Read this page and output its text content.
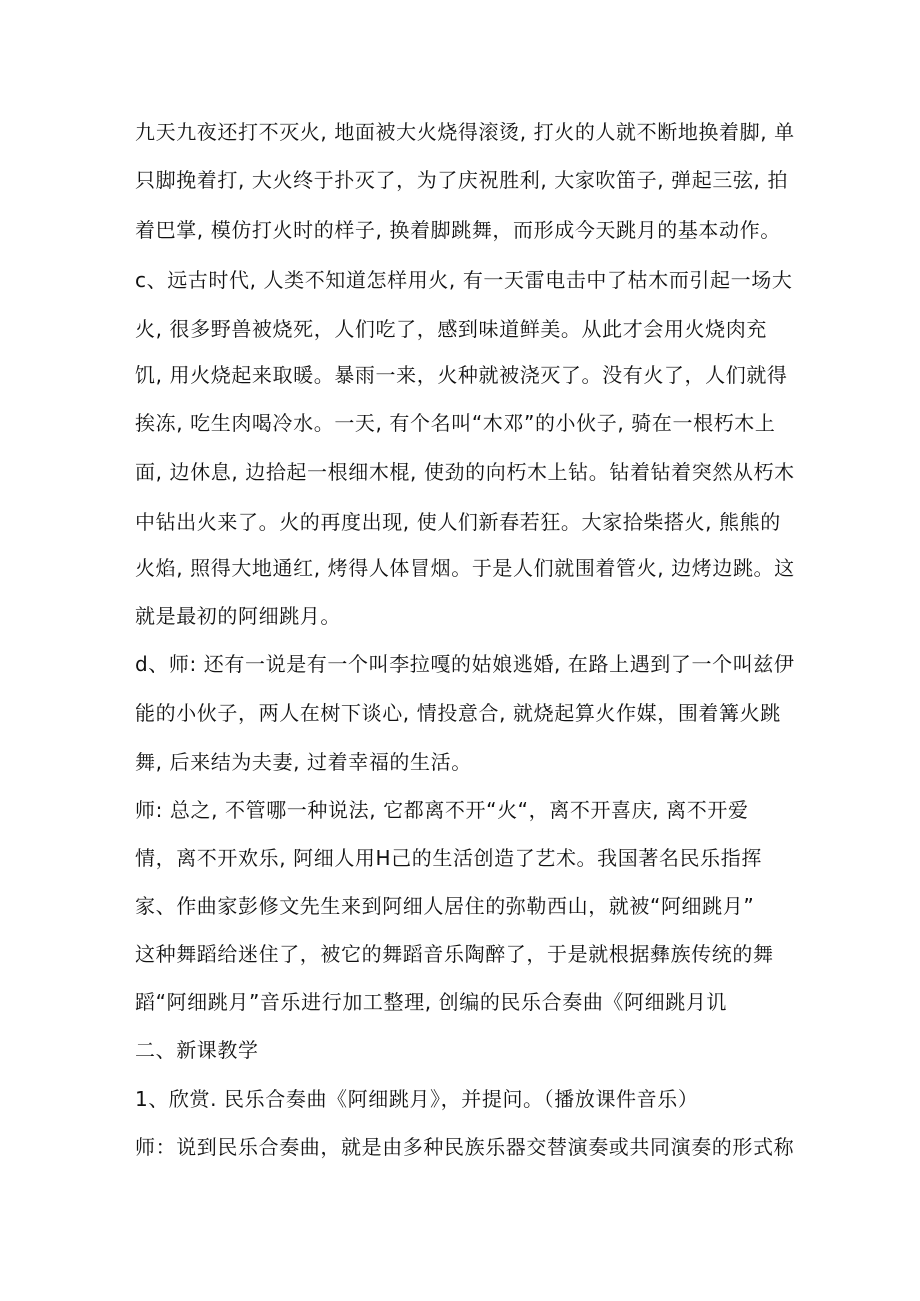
九天九夜还打不灭火, 地面被大火烧得滚烫, 打火的人就不断地换着脚, 单
只脚挽着打, 大火终于扑灭了，为了庆祝胜利, 大家吹笛子, 弹起三弦, 拍
着巴掌, 模仿打火时的样子, 换着脚跳舞，而形成今天跳月的基本动作。
c、远古时代, 人类不知道怎样用火, 有一天雷电击中了枯木而引起一场大
火, 很多野兽被烧死，人们吃了，感到味道鲜美。从此才会用火烧肉充
饥, 用火烧起来取暖。暴雨一来，火种就被浇灭了。没有火了，人们就得
挨冻, 吃生肉喝冷水。一天, 有个名叫“木邓”的小伙子, 骑在一根朽木上
面, 边休息, 边拾起一根细木棍, 使劲的向朽木上钻。钻着钻着突然从朽木
中钻出火来了。火的再度出现, 使人们新春若狂。大家拾柴搭火, 熊熊的
火焰, 照得大地通红, 烤得人体冒烟。于是人们就围着管火, 边烤边跳。这
就是最初的阿细跳月。
d、师: 还有一说是有一个叫李拉嘎的姑娘逃婚, 在路上遇到了一个叫兹伊
能的小伙子，两人在树下谈心, 情投意合, 就烧起算火作媒，围着篝火跳
舞, 后来结为夫妻, 过着幸福的生活。
师: 总之, 不管哪一种说法, 它都离不开“火“，离不开喜庆, 离不开爱
情，离不开欢乐, 阿细人用H己的生活创造了艺术。我国著名民乐指挥
家、作曲家彭修文先生来到阿细人居住的弥勒西山，就被“阿细跳月”
这种舞蹈给迷住了，被它的舞蹈音乐陶醉了，于是就根据彝族传统的舞
蹈“阿细跳月”音乐进行加工整理, 创编的民乐合奏曲《阿细跳月讥
二、新课教学
1、欣赏. 民乐合奏曲《阿细跳月》，并提问。（播放课件音乐）
师：说到民乐合奏曲，就是由多种民族乐器交替演奏或共同演奏的形式称
